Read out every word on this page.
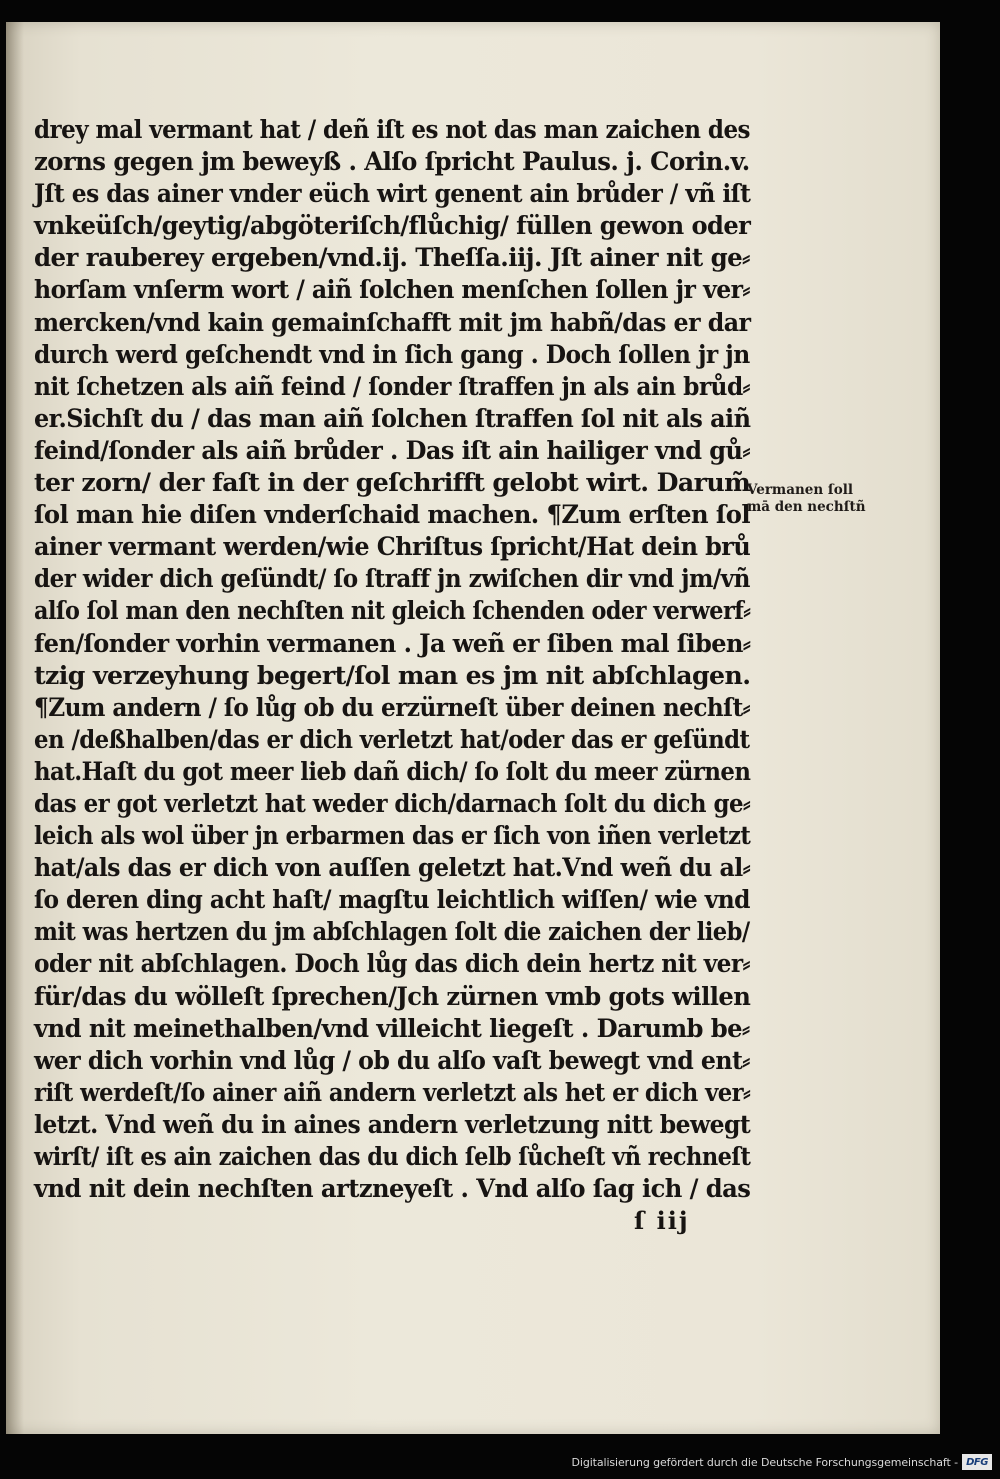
drey mal vermant hat / deñ iſt es not das man zaichen des
zorns gegen jm beweyß . Alſo ſpricht Paulus. j. Corin.v.
Jſt es das ainer vnder eüch wirt genent ain brůder / vñ iſt
vnkeüſch/geytig/abgöteriſch/flůchig/ füllen gewon oder
der rauberey ergeben/vnd.ij. Theſſa.iij. Jſt ainer nit ge⸗
horſam vnſerm wort / aiñ ſolchen menſchen ſollen jr ver⸗
mercken/vnd kain gemainſchafft mit jm habñ/das er dar
durch werd geſchendt vnd in ſich gang . Doch ſollen jr jn
nit ſchetzen als aiñ feind / ſonder ſtraffen jn als ain brůd⸗
er.Sichſt du / das man aiñ ſolchen ſtraffen ſol nit als aiñ
feind/ſonder als aiñ brůder . Das iſt ain hailiger vnd gů⸗
ter zorn/ der faſt in der geſchrifft gelobt wirt. Darum̃
ſol man hie diſen vnderſchaid machen. ¶Zum erſten ſol
ainer vermant werden/wie Chriſtus ſpricht/Hat dein brů
der wider dich geſündt/ ſo ſtraff jn zwiſchen dir vnd jm/vñ
alſo ſol man den nechſten nit gleich ſchenden oder verwerf⸗
fen/ſonder vorhin vermanen . Ja weñ er ſiben mal ſiben⸗
tzig verzeyhung begert/ſol man es jm nit abſchlagen.
¶Zum andern / ſo lůg ob du erzürneſt über deinen nechſt⸗
en /deßhalben/das er dich verletzt hat/oder das er geſündt
hat.Haſt du got meer lieb dañ dich/ ſo ſolt du meer zürnen
das er got verletzt hat weder dich/darnach ſolt du dich ge⸗
leich als wol über jn erbarmen das er ſich von iñen verletzt
hat/als das er dich von auſſen geletzt hat.Vnd weñ du al⸗
ſo deren ding acht haſt/ magſtu leichtlich wiſſen/ wie vnd
mit was hertzen du jm abſchlagen ſolt die zaichen der lieb/
oder nit abſchlagen. Doch lůg das dich dein hertz nit ver⸗
für/das du wölleſt ſprechen/Jch zürnen vmb gots willen
vnd nit meinethalben/vnd villeicht liegeſt . Darumb be⸗
wer dich vorhin vnd lůg / ob du alſo vaſt bewegt vnd ent⸗
riſt werdeſt/ſo ainer aiñ andern verletzt als het er dich ver⸗
letzt. Vnd weñ du in aines andern verletzung nitt bewegt
wirſt/ iſt es ain zaichen das du dich ſelb ſůcheſt vñ rechneſt
vnd nit dein nechſten artzneyeſt . Vnd alſo ſag ich / das
Vermanen ſoll
mā den nechſtñ
ſ iij
Digitalisierung gefördert durch die Deutsche Forschungsgemeinschaft - DFG
